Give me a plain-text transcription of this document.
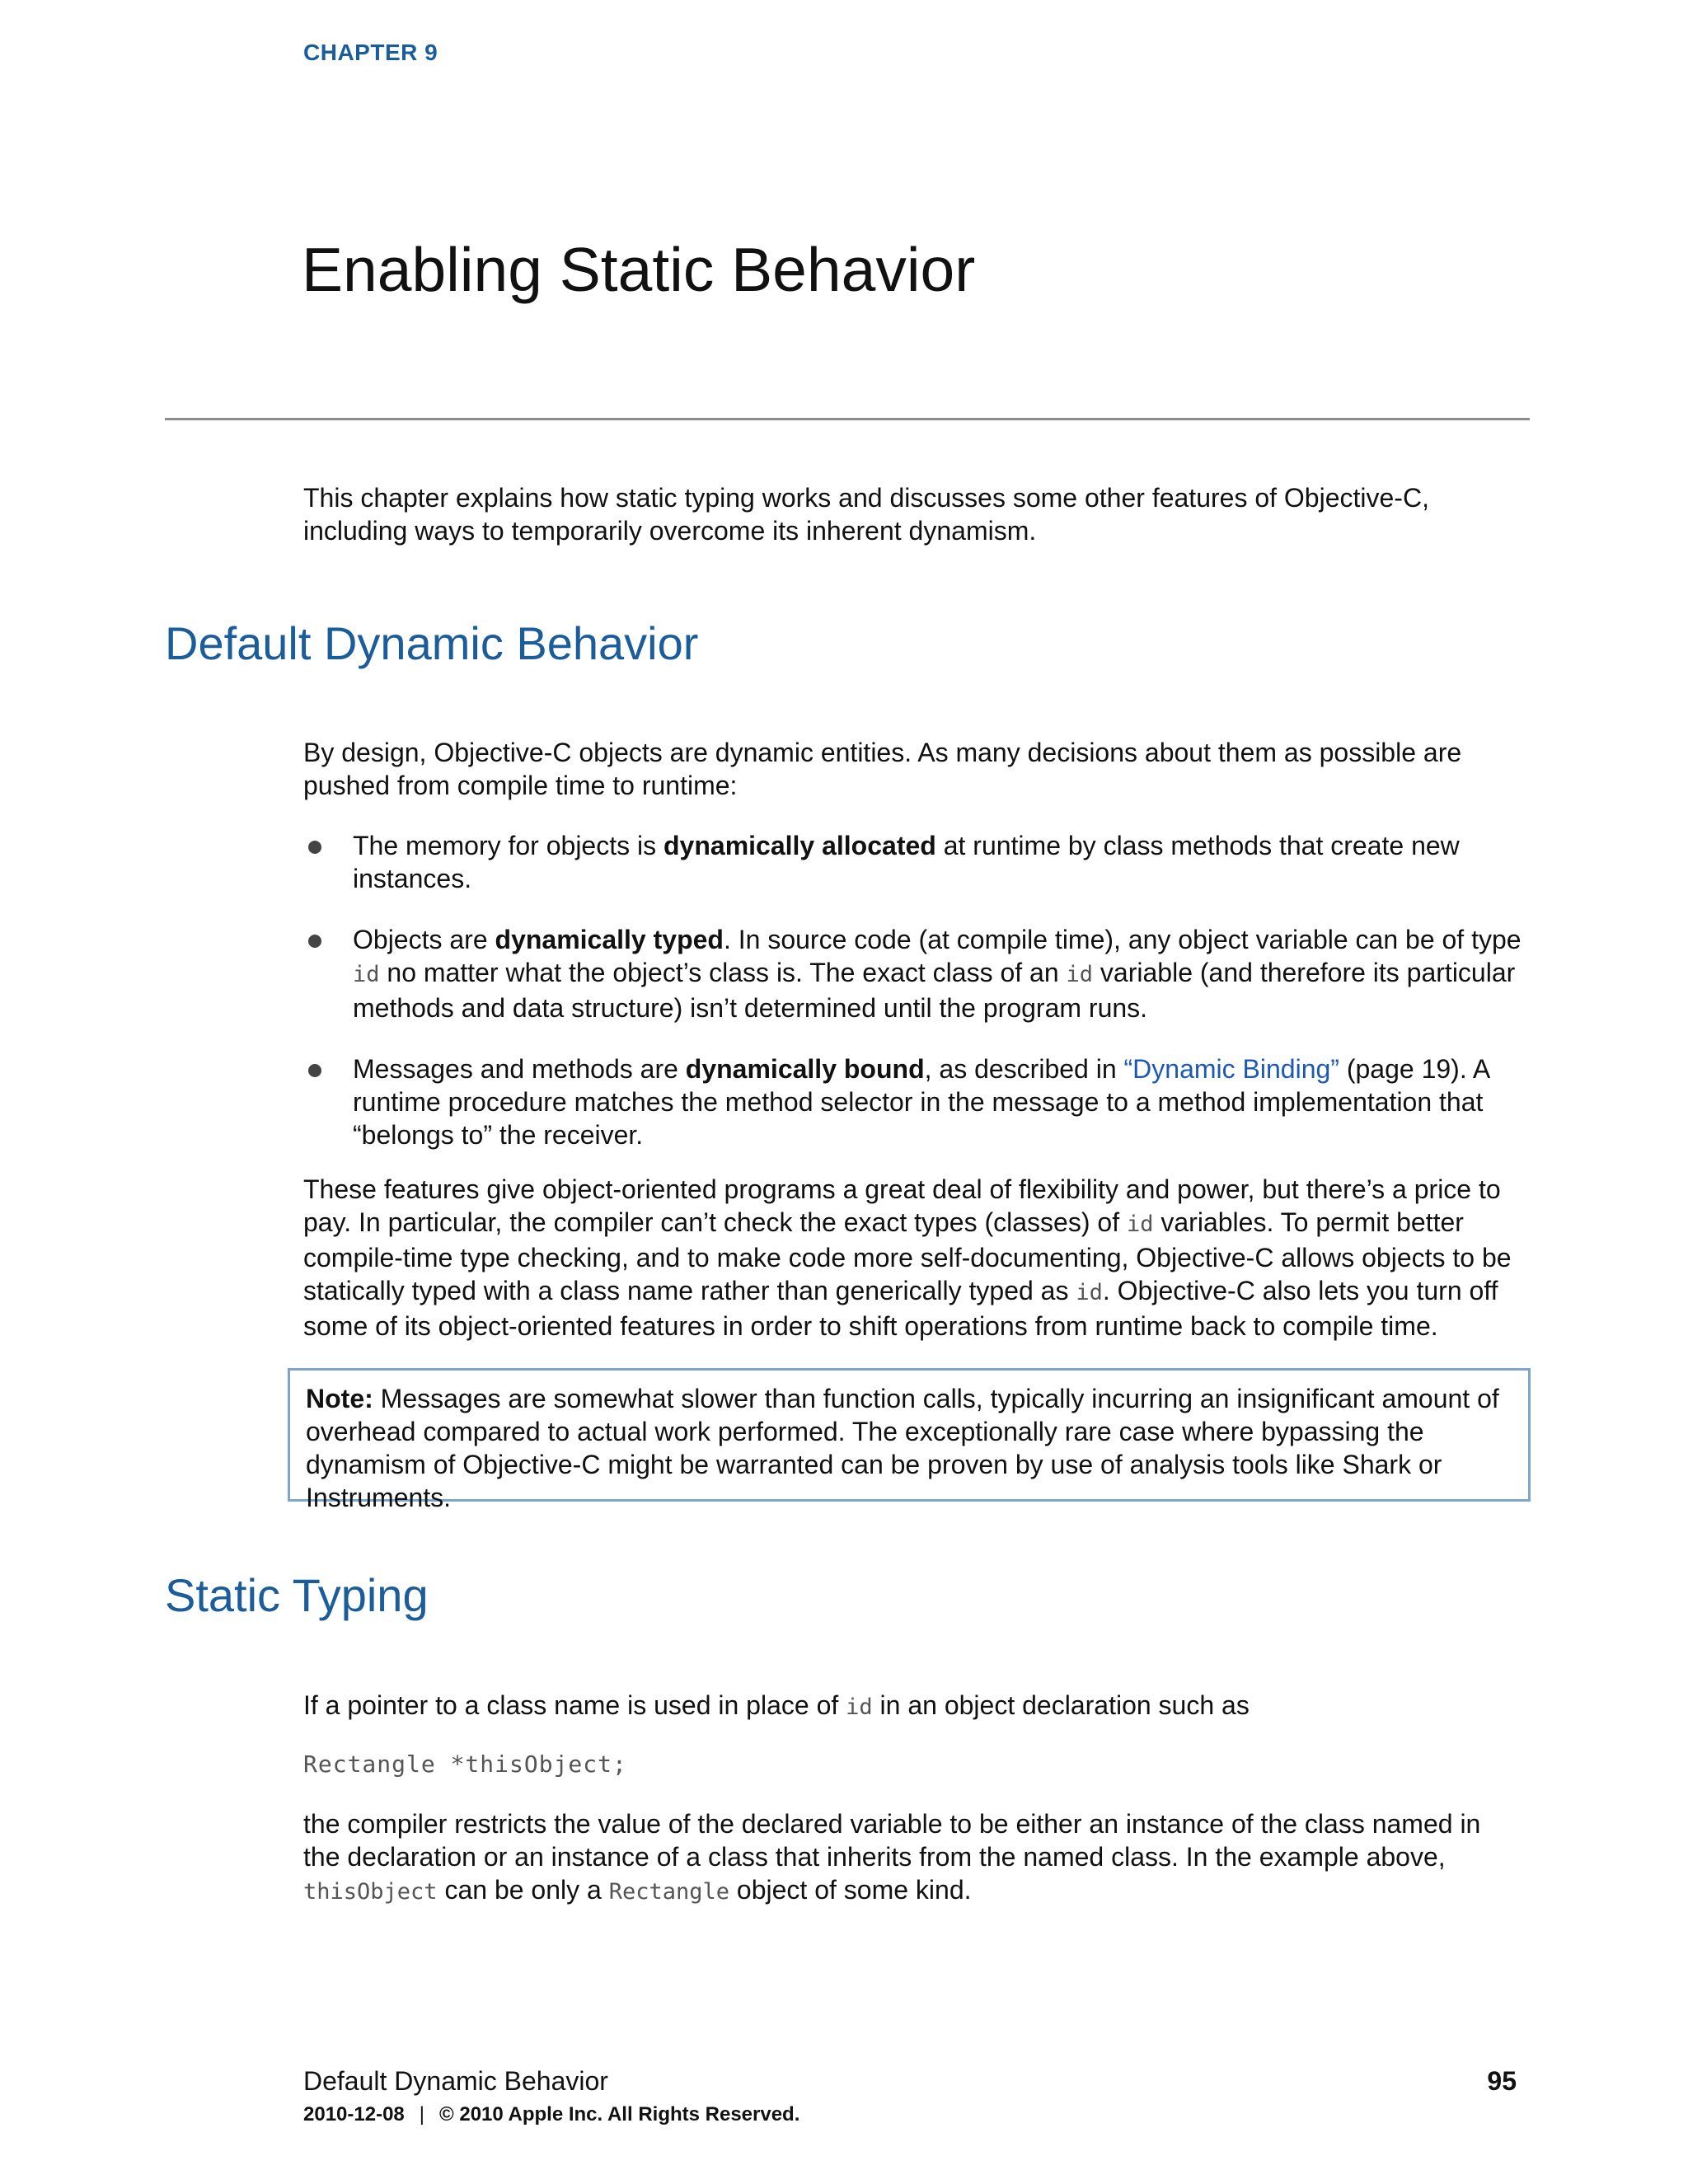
CHAPTER 9
Enabling Static Behavior

This chapter explains how static typing works and discusses some other features of Objective-C, including ways to temporarily overcome its inherent dynamism.

Default Dynamic Behavior

By design, Objective-C objects are dynamic entities. As many decisions about them as possible are pushed from compile time to runtime:

The memory for objects is dynamically allocated at runtime by class methods that create new instances.
Objects are dynamically typed. In source code (at compile time), any object variable can be of type id no matter what the object’s class is. The exact class of an id variable (and therefore its particular methods and data structure) isn’t determined until the program runs.
Messages and methods are dynamically bound, as described in “Dynamic Binding” (page 19). A runtime procedure matches the method selector in the message to a method implementation that “belongs to” the receiver.

These features give object-oriented programs a great deal of flexibility and power, but there’s a price to pay. In particular, the compiler can’t check the exact types (classes) of id variables. To permit better compile-time type checking, and to make code more self-documenting, Objective-C allows objects to be statically typed with a class name rather than generically typed as id. Objective-C also lets you turn off some of its object-oriented features in order to shift operations from runtime back to compile time.

Note: Messages are somewhat slower than function calls, typically incurring an insignificant amount of overhead compared to actual work performed. The exceptionally rare case where bypassing the dynamism of Objective-C might be warranted can be proven by use of analysis tools like Shark or Instruments.
Static Typing

If a pointer to a class name is used in place of id in an object declaration such as

Rectangle *thisObject;

the compiler restricts the value of the declared variable to be either an instance of the class named in the declaration or an instance of a class that inherits from the named class. In the example above, thisObject can be only a Rectangle object of some kind.

Default Dynamic Behavior	95
2010-12-08 | © 2010 Apple Inc. All Rights Reserved.
